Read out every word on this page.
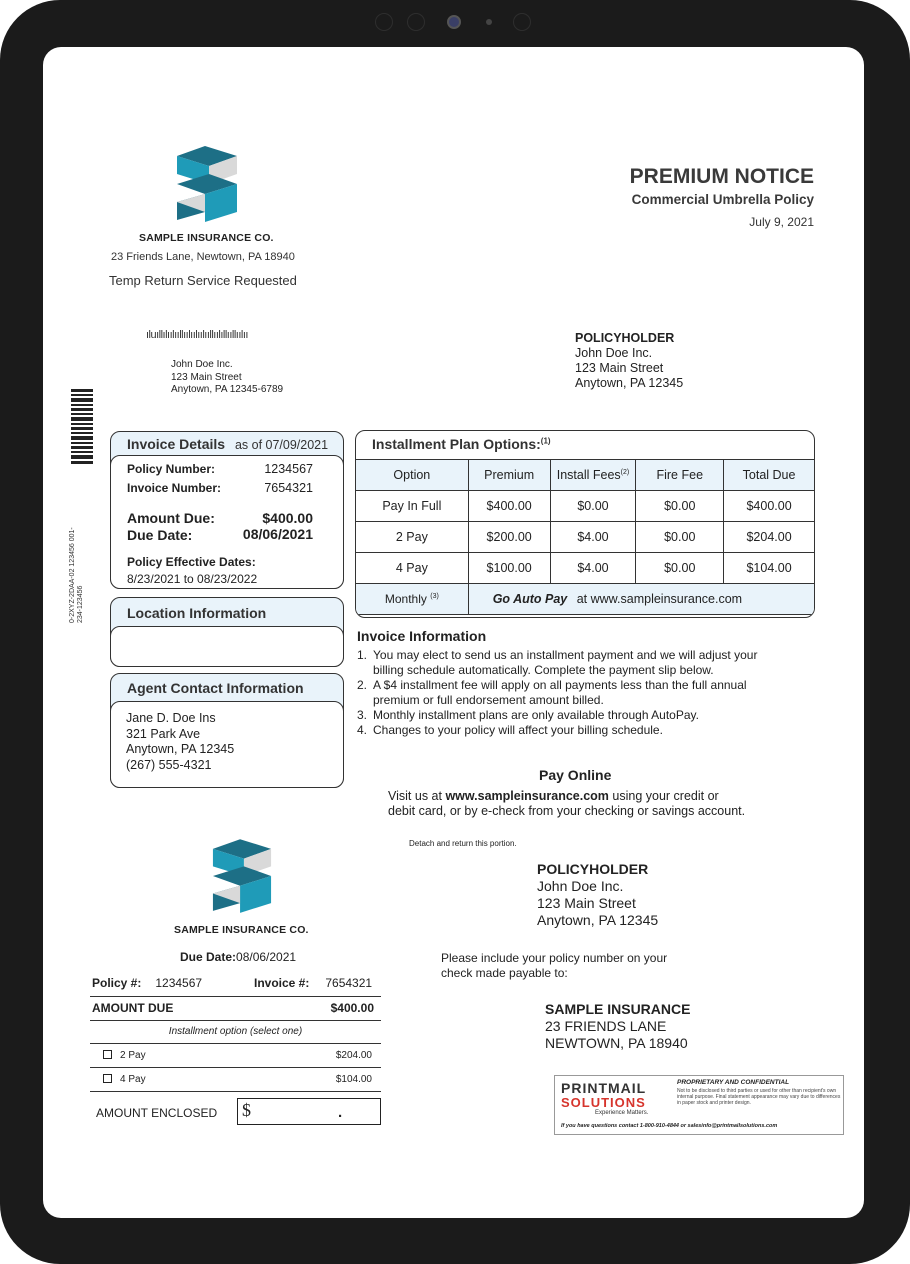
SAMPLE INSURANCE CO.
23 Friends Lane, Newtown, PA 18940
Temp Return Service Requested
PREMIUM NOTICE
Commercial Umbrella Policy
July 9, 2021
ıluıllılıılııllıılıılıılııllıılıllııllıılıı
John Doe Inc.
123 Main Street
Anytown, PA 12345-6789
POLICYHOLDER
John Doe Inc.
123 Main Street
Anytown, PA 12345
0-2XYZ-2DAA-02 123456 001-234-123456
Invoice Details as of 07/09/2021
Policy Number:	1234567
Invoice Number:	7654321
Amount Due:	$400.00
Due Date:	08/06/2021
Policy Effective Dates:
8/23/2021 to 08/23/2022
Location Information
Agent Contact Information
Jane D. Doe Ins
321 Park Ave
Anytown, PA 12345
(267) 555-4321
Installment Plan Options:$^{(1)}$
Option	Premium	Install Fees$^{(2)}$	Fire Fee	Total Due
Pay In Full	$400.00	$0.00	$0.00	$400.00
2 Pay	$200.00	$4.00	$0.00	$204.00
4 Pay	$100.00	$4.00	$0.00	$104.00
Monthly $^{(3)}$	Go Auto Pay at www.sampleinsurance.com			
Invoice Information
1. You may elect to send us an installment payment and we will adjust your billing schedule automatically. Complete the payment slip below.
2. A $4 installment fee will apply on all payments less than the full annual premium or full endorsement amount billed.
3. Monthly installment plans are only available through AutoPay.
4. Changes to your policy will affect your billing schedule.
Pay Online
Visit us at www.sampleinsurance.com using your credit or
debit card, or by e-check from your checking or savings account.
Detach and return this portion.
SAMPLE INSURANCE CO.
Due Date:08/06/2021
Policy #: 1234567	Invoice #: 7654321
AMOUNT DUE	$400.00
Installment option (select one)
2 Pay	$204.00
4 Pay	$104.00
AMOUNT ENCLOSED $	.
POLICYHOLDER
John Doe Inc.
123 Main Street
Anytown, PA 12345
Please include your policy number on your
check made payable to:
SAMPLE INSURANCE
23 FRIENDS LANE
NEWTOWN, PA 18940
PRINTMAIL
SOLUTIONS
Experience Matters.
PROPRIETARY AND CONFIDENTIAL
Not to be disclosed to third parties or used for other than recipient's own internal purpose. Final statement appearance may vary due to differences in paper stock and printer design.
If you have questions contact 1-800-910-4844 or salesinfo@printmailsolutions.com
